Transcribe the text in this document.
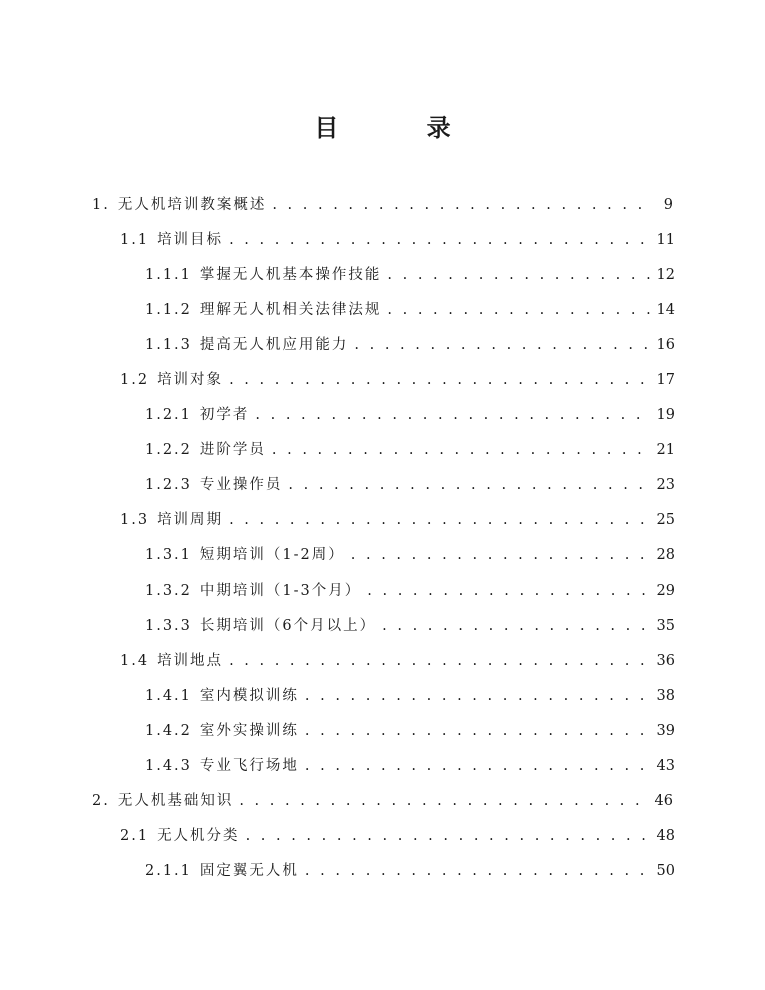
目 录
1. 无人机培训教案概述 . . .	9
1.1 培训目标 . . .	11
1.1.1 掌握无人机基本操作技能 . . .	12
1.1.2 理解无人机相关法律法规 . . .	14
1.1.3 提高无人机应用能力 . . .	16
1.2 培训对象 . . .	17
1.2.1 初学者 . . .	19
1.2.2 进阶学员 . . .	21
1.2.3 专业操作员 . . .	23
1.3 培训周期 . . .	25
1.3.1 短期培训（1-2周） . . .	28
1.3.2 中期培训（1-3个月） . . .	29
1.3.3 长期培训（6个月以上） . . .	35
1.4 培训地点 . . .	36
1.4.1 室内模拟训练 . . .	38
1.4.2 室外实操训练 . . .	39
1.4.3 专业飞行场地 . . .	43
2. 无人机基础知识 . . .	46
2.1 无人机分类 . . .	48
2.1.1 固定翼无人机 . . .	50
